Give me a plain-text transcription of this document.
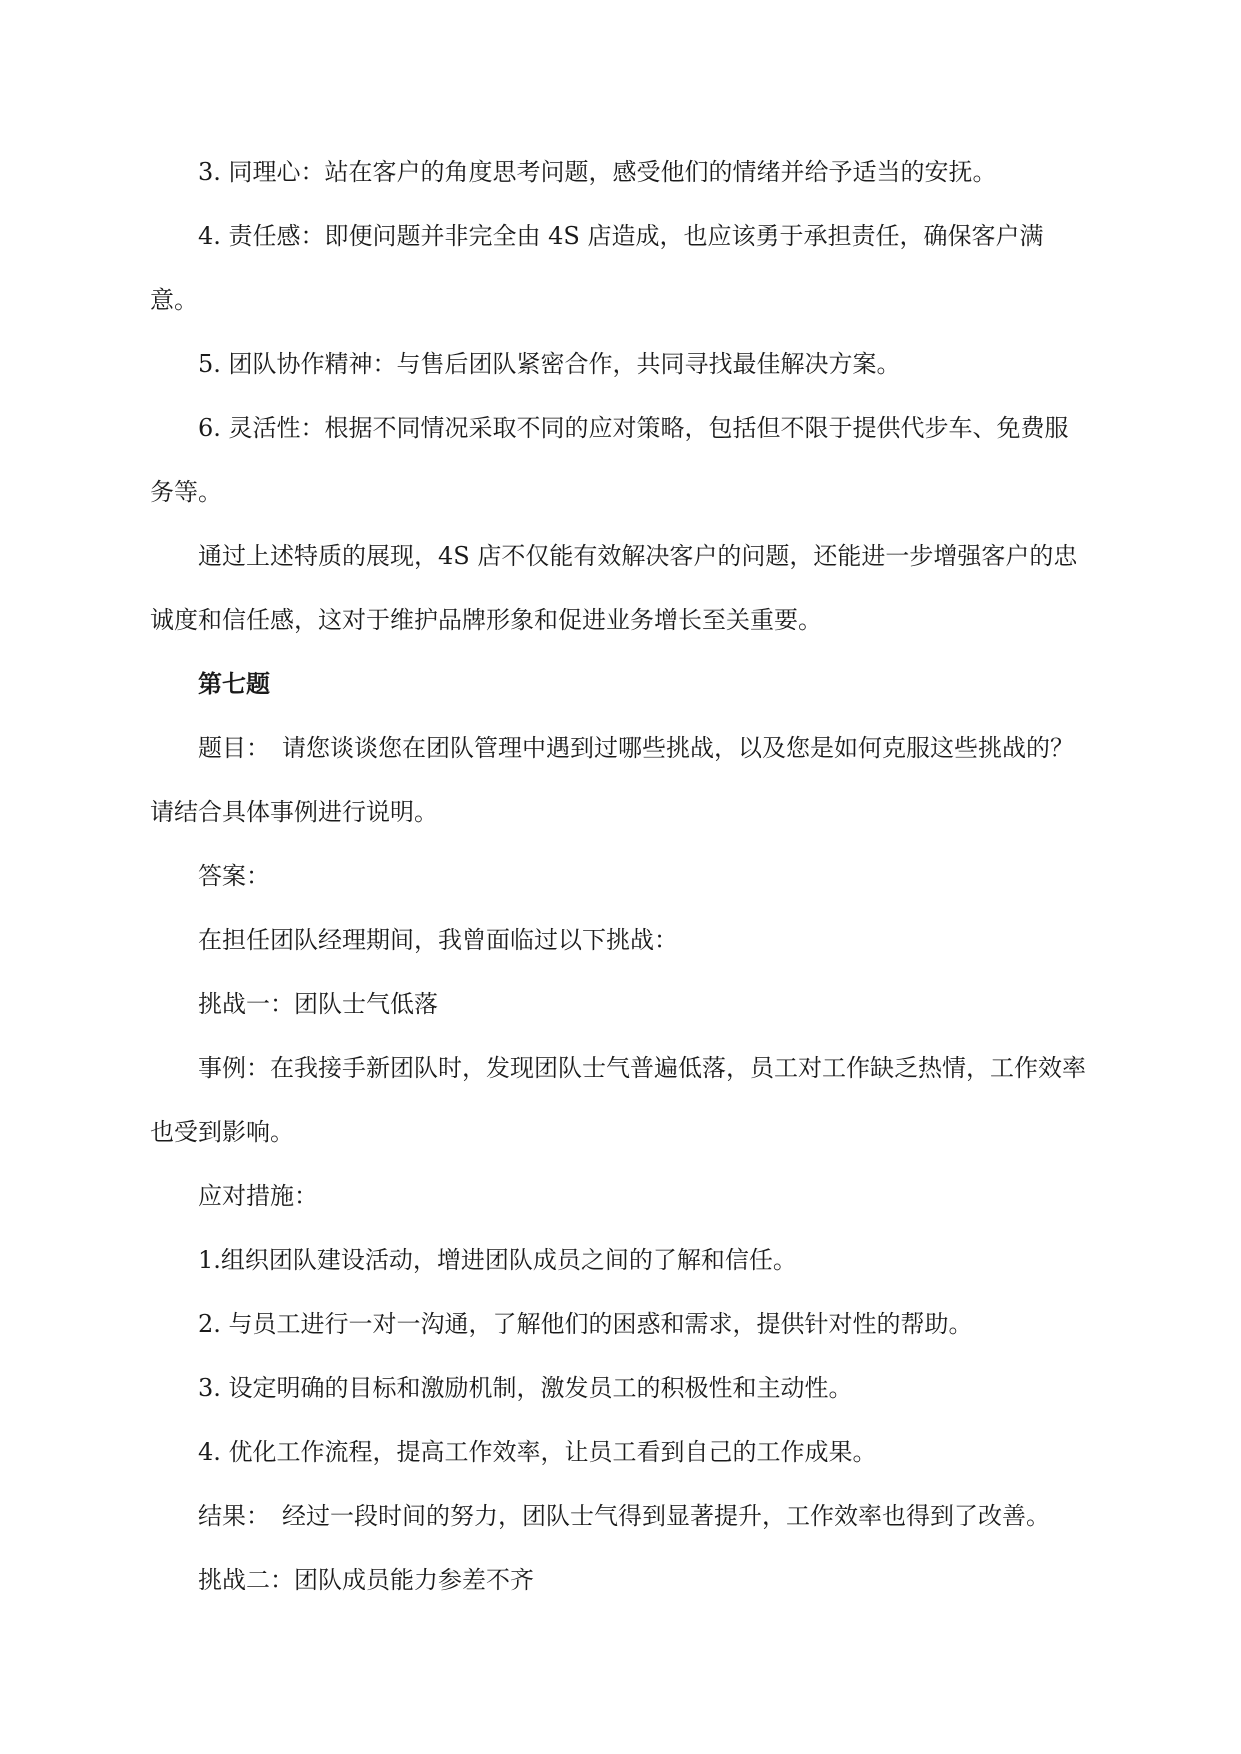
3. 同理心：站在客户的角度思考问题，感受他们的情绪并给予适当的安抚。

4. 责任感：即便问题并非完全由 4S 店造成，也应该勇于承担责任，确保客户满意。

5. 团队协作精神：与售后团队紧密合作，共同寻找最佳解决方案。

6. 灵活性：根据不同情况采取不同的应对策略，包括但不限于提供代步车、免费服务等。

通过上述特质的展现，4S 店不仅能有效解决客户的问题，还能进一步增强客户的忠诚度和信任感，这对于维护品牌形象和促进业务增长至关重要。

第七题

题目：　请您谈谈您在团队管理中遇到过哪些挑战，以及您是如何克服这些挑战的？请结合具体事例进行说明。

答案：

在担任团队经理期间，我曾面临过以下挑战：

挑战一：团队士气低落

事例：在我接手新团队时，发现团队士气普遍低落，员工对工作缺乏热情，工作效率也受到影响。

应对措施：

1.组织团队建设活动，增进团队成员之间的了解和信任。

2. 与员工进行一对一沟通，了解他们的困惑和需求，提供针对性的帮助。

3. 设定明确的目标和激励机制，激发员工的积极性和主动性。

4. 优化工作流程，提高工作效率，让员工看到自己的工作成果。

结果：　经过一段时间的努力，团队士气得到显著提升，工作效率也得到了改善。

挑战二：团队成员能力参差不齐
